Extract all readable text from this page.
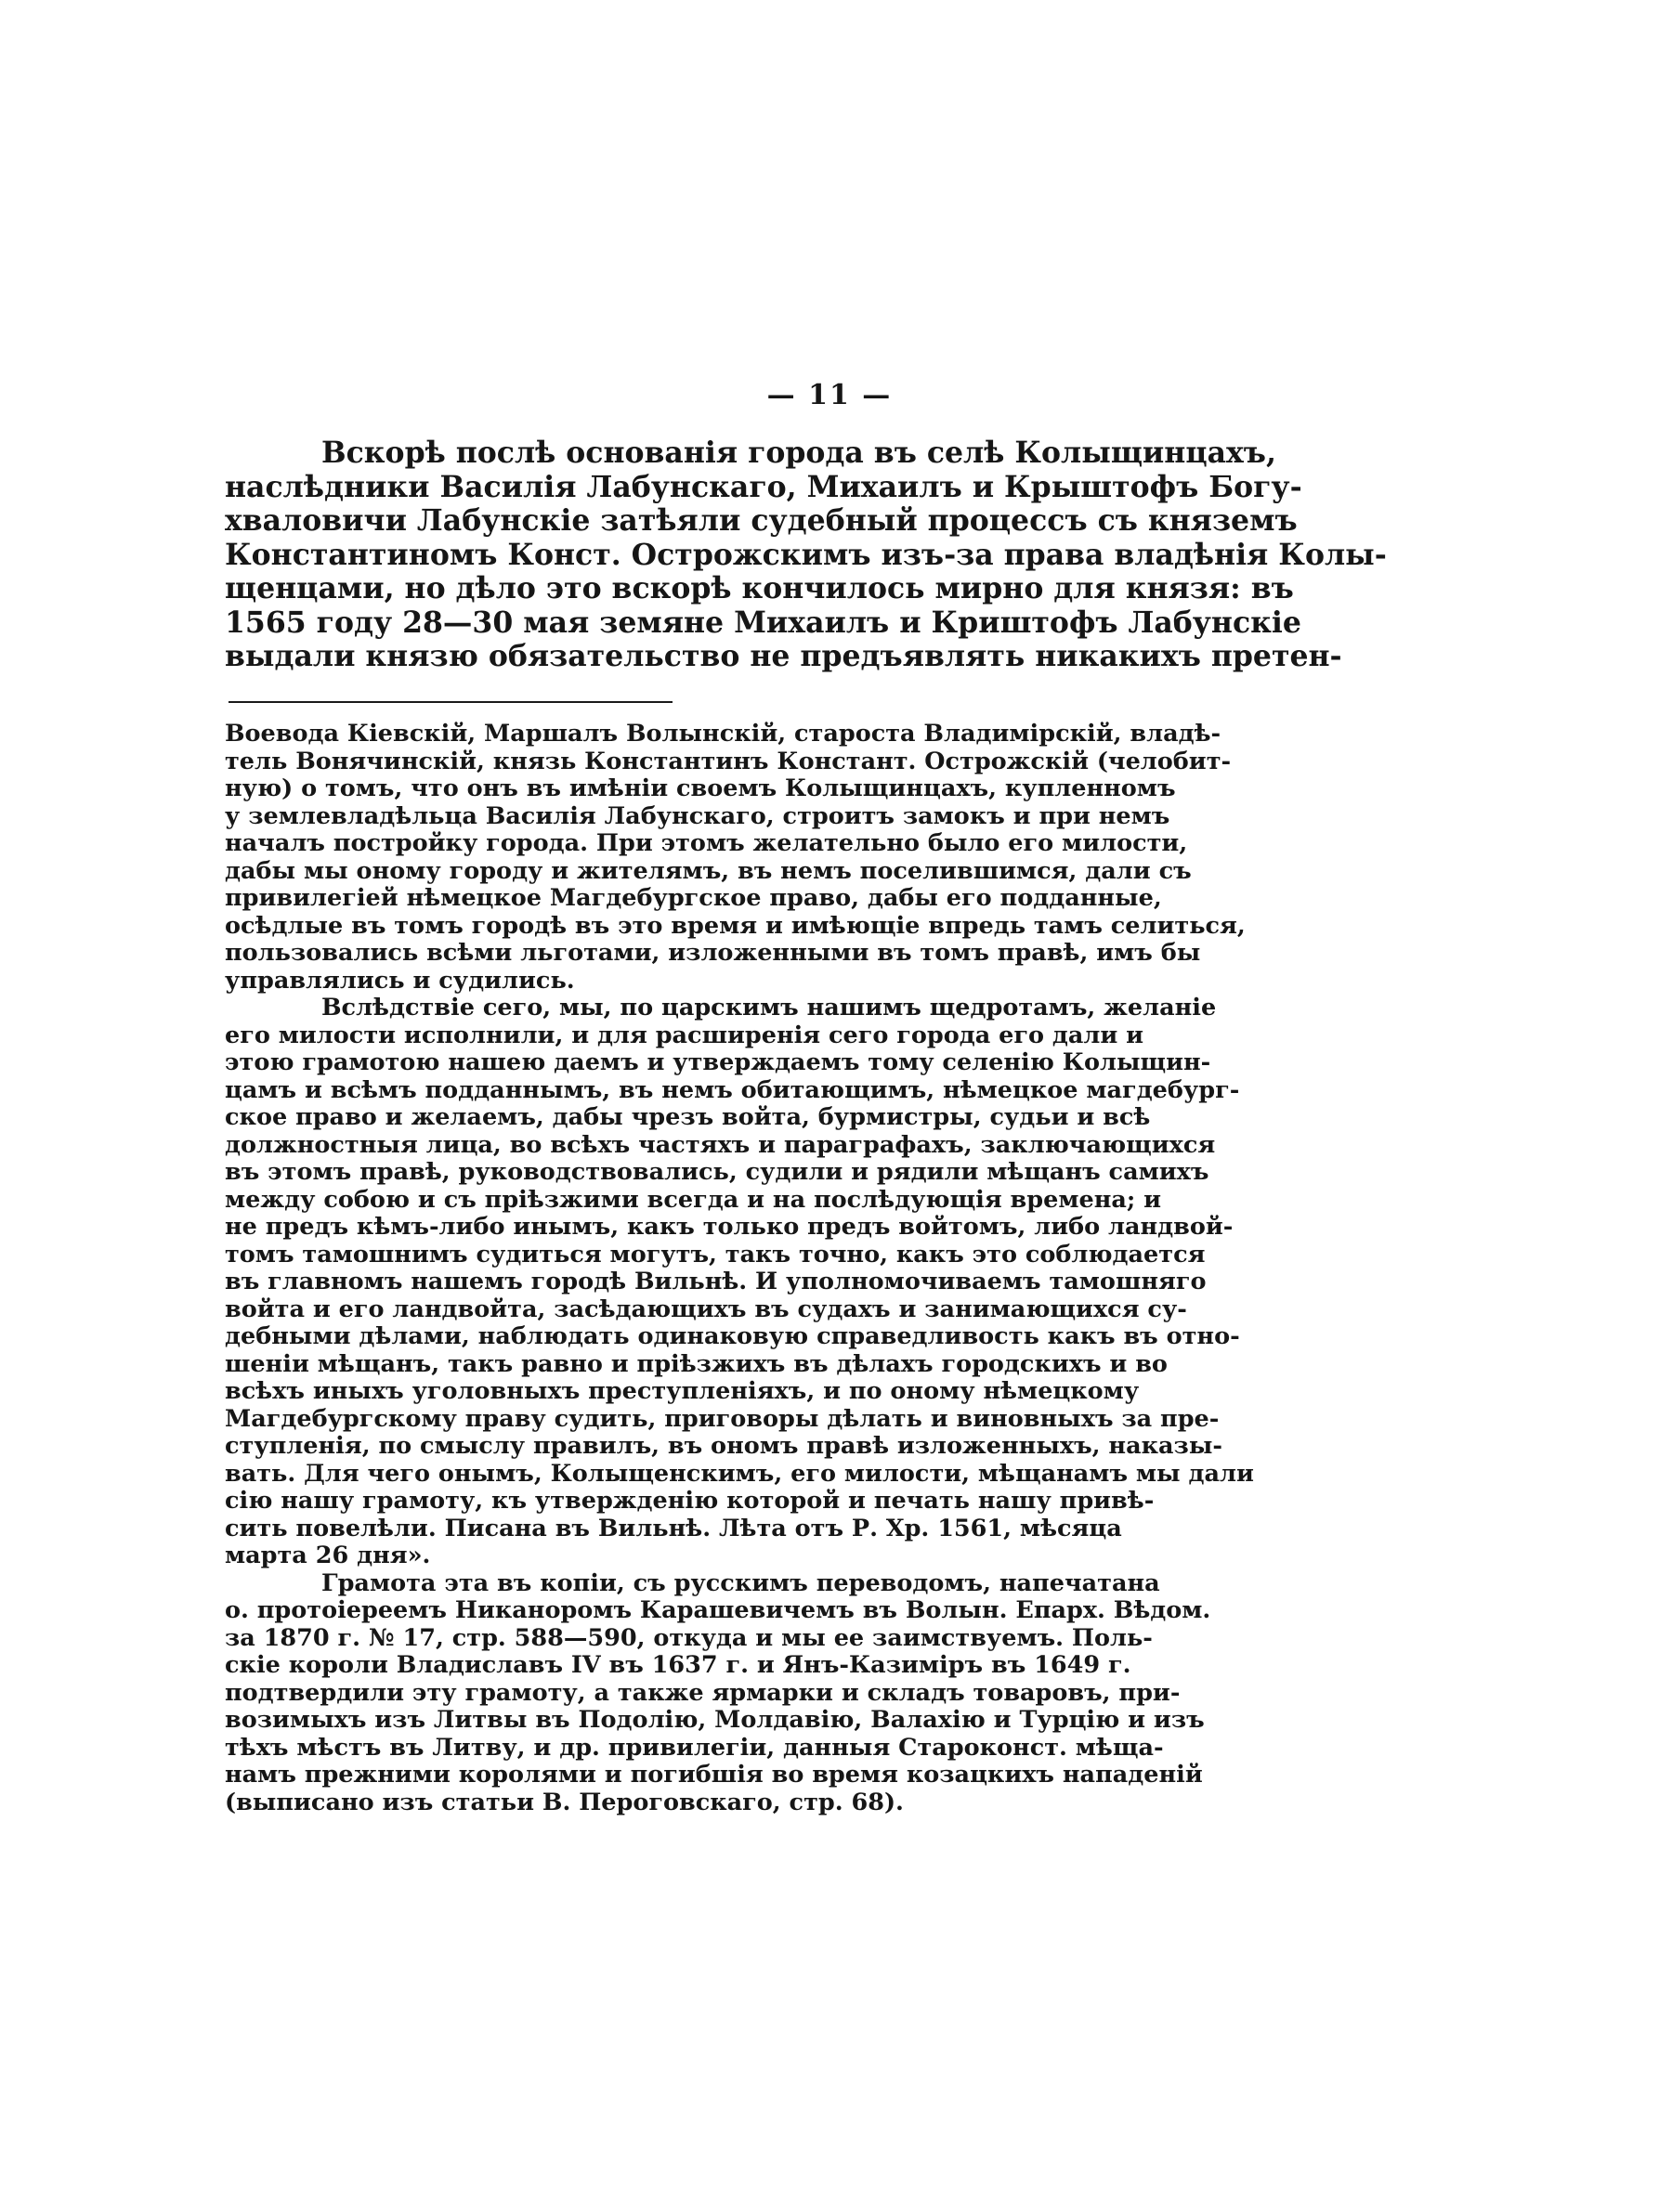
— 11 —
Вскорѣ послѣ основанія города въ селѣ Колыщинцахъ,
наслѣдники Василія Лабунскаго, Михаилъ и Крыштофъ Богу-
хваловичи Лабунскіе затѣяли судебный процессъ съ княземъ
Константиномъ Конст. Острожскимъ изъ-за права владѣнія Колы-
щенцами, но дѣло это вскорѣ кончилось мирно для князя: въ
1565 году 28—30 мая земяне Михаилъ и Криштофъ Лабунскіе
выдали князю обязательство не предъявлять никакихъ претен-
Воевода Кіевскій, Маршалъ Волынскій, староста Владимірскій, владѣ-
тель Вонячинскій, князь Константинъ Констант. Острожскій (челобит-
ную) о томъ, что онъ въ имѣніи своемъ Колыщинцахъ, купленномъ
у землевладѣльца Василія Лабунскаго, строитъ замокъ и при немъ
началъ постройку города. При этомъ желательно было его милости,
дабы мы оному городу и жителямъ, въ немъ поселившимся, дали съ
привилегіей нѣмецкое Магдебургское право, дабы его подданные,
осѣдлые въ томъ городѣ въ это время и имѣющіе впредь тамъ селиться,
пользовались всѣми льготами, изложенными въ томъ правѣ, имъ бы
управлялись и судились.
Вслѣдствіе сего, мы, по царскимъ нашимъ щедротамъ, желаніе
его милости исполнили, и для расширенія сего города его дали и
этою грамотою нашею даемъ и утверждаемъ тому селенію Колыщин-
цамъ и всѣмъ подданнымъ, въ немъ обитающимъ, нѣмецкое магдебург-
ское право и желаемъ, дабы чрезъ войта, бурмистры, судьи и всѣ
должностныя лица, во всѣхъ частяхъ и параграфахъ, заключающихся
въ этомъ правѣ, руководствовались, судили и рядили мѣщанъ самихъ
между собою и съ пріѣзжими всегда и на послѣдующія времена; и
не предъ кѣмъ-либо инымъ, какъ только предъ войтомъ, либо ландвой-
томъ тамошнимъ судиться могутъ, такъ точно, какъ это соблюдается
въ главномъ нашемъ городѣ Вильнѣ. И уполномочиваемъ тамошняго
войта и его ландвойта, засѣдающихъ въ судахъ и занимающихся су-
дебными дѣлами, наблюдать одинаковую справедливость какъ въ отно-
шеніи мѣщанъ, такъ равно и пріѣзжихъ въ дѣлахъ городскихъ и во
всѣхъ иныхъ уголовныхъ преступленіяхъ, и по оному нѣмецкому
Магдебургскому праву судить, приговоры дѣлать и виновныхъ за пре-
ступленія, по смыслу правилъ, въ ономъ правѣ изложенныхъ, наказы-
вать. Для чего онымъ, Колыщенскимъ, его милости, мѣщанамъ мы дали
сію нашу грамоту, къ утвержденію которой и печать нашу привѣ-
сить повелѣли. Писана въ Вильнѣ. Лѣта отъ Р. Хр. 1561, мѣсяца
марта 26 дня».
Грамота эта въ копіи, съ русскимъ переводомъ, напечатана
о. протоіереемъ Никаноромъ Карашевичемъ въ Волын. Епарх. Вѣдом.
за 1870 г. № 17, стр. 588—590, откуда и мы ее заимствуемъ. Поль-
скіе короли Владиславъ IV въ 1637 г. и Янъ-Казиміръ въ 1649 г.
подтвердили эту грамоту, а также ярмарки и складъ товаровъ, при-
возимыхъ изъ Литвы въ Подолію, Молдавію, Валахію и Турцію и изъ
тѣхъ мѣстъ въ Литву, и др. привилегіи, данныя Староконст. мѣща-
намъ прежними королями и погибшія во время козацкихъ нападеній
(выписано изъ статьи В. Пероговскаго, стр. 68).
